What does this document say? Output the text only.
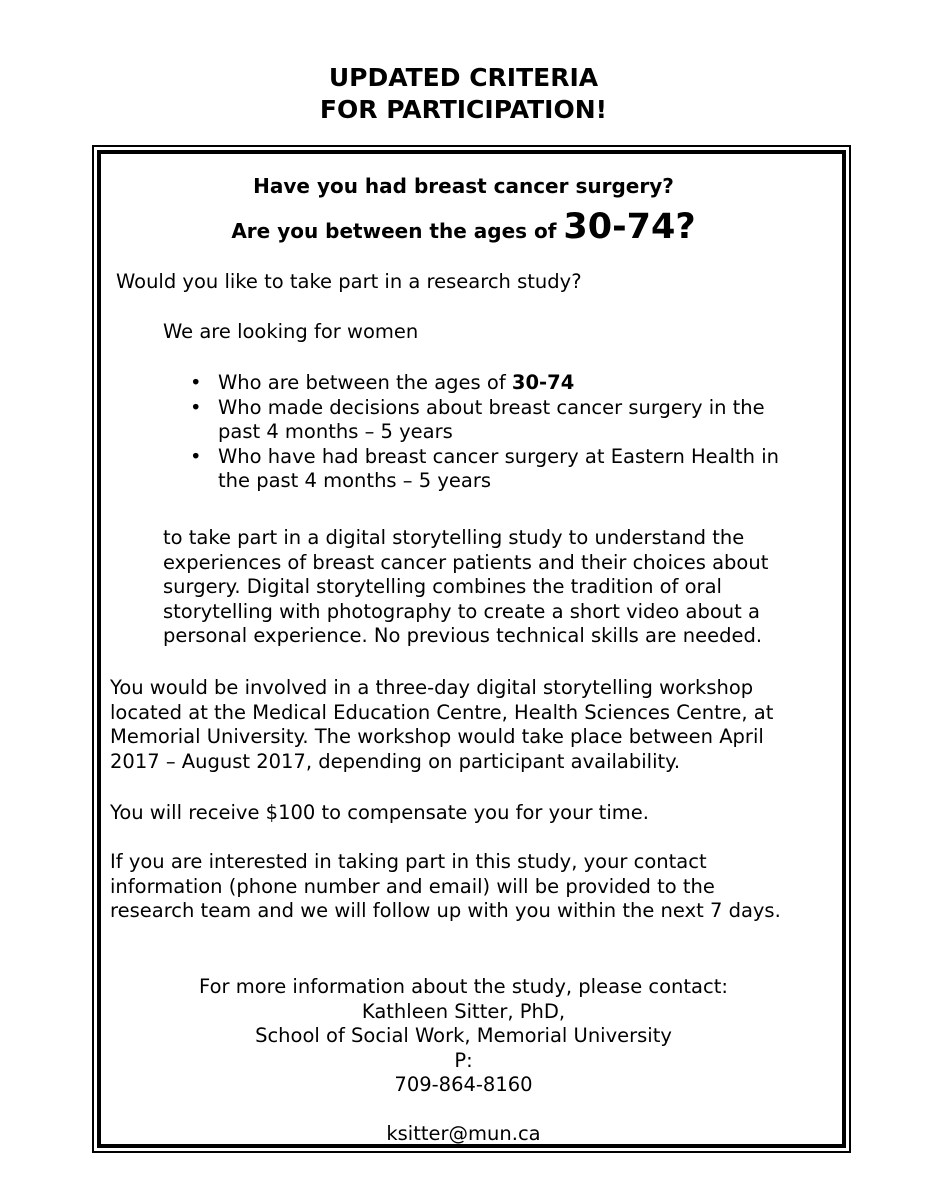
UPDATED CRITERIA
FOR PARTICIPATION!

Have you had breast cancer surgery?

Are you between the ages of 30-74?

Would you like to take part in a research study?

We are looking for women

• Who are between the ages of 30-74
• Who made decisions about breast cancer surgery in the
past 4 months – 5 years
• Who have had breast cancer surgery at Eastern Health in
the past 4 months – 5 years

to take part in a digital storytelling study to understand the
experiences of breast cancer patients and their choices about
surgery. Digital storytelling combines the tradition of oral
storytelling with photography to create a short video about a
personal experience. No previous technical skills are needed.

You would be involved in a three-day digital storytelling workshop
located at the Medical Education Centre, Health Sciences Centre, at
Memorial University. The workshop would take place between April
2017 – August 2017, depending on participant availability.

You will receive $100 to compensate you for your time.

If you are interested in taking part in this study, your contact
information (phone number and email) will be provided to the
research team and we will follow up with you within the next 7 days.

For more information about the study, please contact:
Kathleen Sitter, PhD,
School of Social Work, Memorial University
P:
709-864-8160

ksitter@mun.ca
